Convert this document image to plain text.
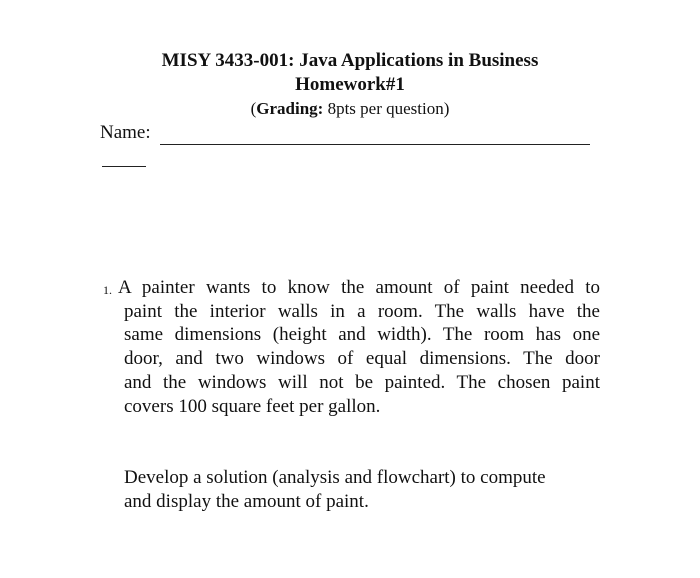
MISY 3433-001: Java Applications in Business
Homework#1
(Grading: 8pts per question)
Name:
1. A painter wants to know the amount of paint needed to
paint the interior walls in a room. The walls have the
same dimensions (height and width). The room has one
door, and two windows of equal dimensions. The door
and the windows will not be painted. The chosen paint
covers 100 square feet per gallon.
Develop a solution (analysis and flowchart) to compute
and display the amount of paint.
